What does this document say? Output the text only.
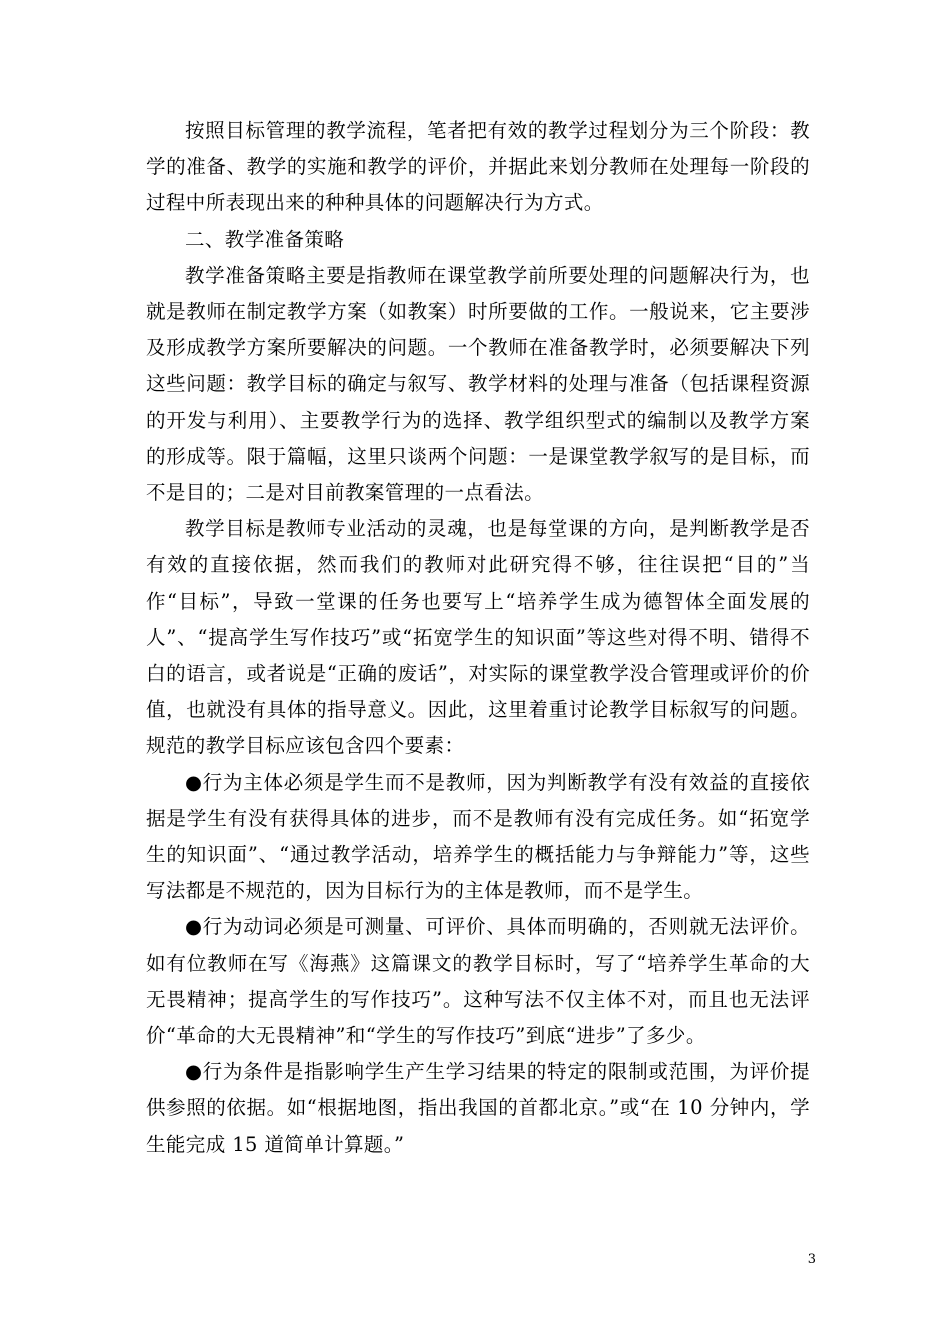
按照目标管理的教学流程，笔者把有效的教学过程划分为三个阶段：教学的准备、教学的实施和教学的评价，并据此来划分教师在处理每一阶段的过程中所表现出来的种种具体的问题解决行为方式。

二、教学准备策略

教学准备策略主要是指教师在课堂教学前所要处理的问题解决行为，也就是教师在制定教学方案（如教案）时所要做的工作。一般说来，它主要涉及形成教学方案所要解决的问题。一个教师在准备教学时，必须要解决下列这些问题：教学目标的确定与叙写、教学材料的处理与准备（包括课程资源的开发与利用）、主要教学行为的选择、教学组织型式的编制以及教学方案的形成等。限于篇幅，这里只谈两个问题：一是课堂教学叙写的是目标，而不是目的；二是对目前教案管理的一点看法。

教学目标是教师专业活动的灵魂，也是每堂课的方向，是判断教学是否有效的直接依据，然而我们的教师对此研究得不够，往往误把“目的”当作“目标”，导致一堂课的任务也要写上“培养学生成为德智体全面发展的人”、“提高学生写作技巧”或“拓宽学生的知识面”等这些对得不明、错得不白的语言，或者说是“正确的废话”，对实际的课堂教学没合管理或评价的价值，也就没有具体的指导意义。因此，这里着重讨论教学目标叙写的问题。规范的教学目标应该包含四个要素：

●行为主体必须是学生而不是教师，因为判断教学有没有效益的直接依据是学生有没有获得具体的进步，而不是教师有没有完成任务。如“拓宽学生的知识面”、“通过教学活动，培养学生的概括能力与争辩能力”等，这些写法都是不规范的，因为目标行为的主体是教师，而不是学生。

●行为动词必须是可测量、可评价、具体而明确的，否则就无法评价。如有位教师在写《海燕》这篇课文的教学目标时，写了“培养学生革命的大无畏精神；提高学生的写作技巧”。这种写法不仅主体不对，而且也无法评价“革命的大无畏精神”和“学生的写作技巧”到底“进步”了多少。

●行为条件是指影响学生产生学习结果的特定的限制或范围，为评价提供参照的依据。如“根据地图，指出我国的首都北京。”或“在 10 分钟内，学生能完成 15 道简单计算题。”

3
